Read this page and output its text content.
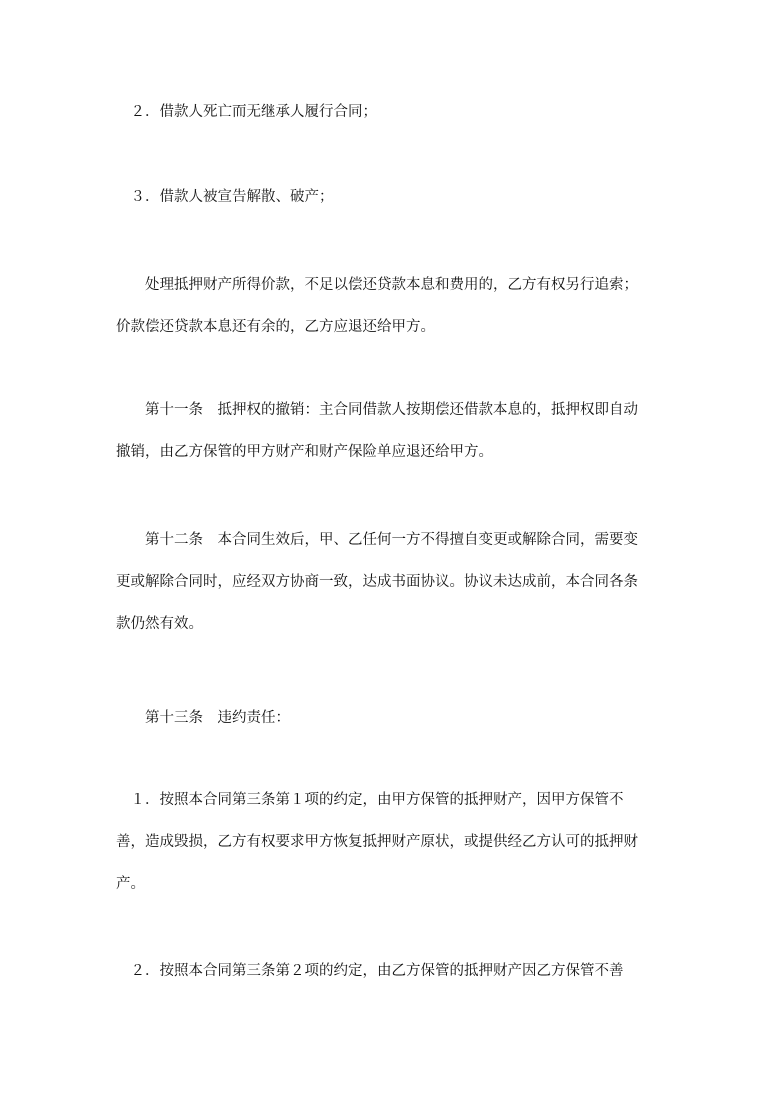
　２．借款人死亡而无继承人履行合同；

　３．借款人被宣告解散、破产；

　　处理抵押财产所得价款，不足以偿还贷款本息和费用的，乙方有权另行追索；
价款偿还贷款本息还有余的，乙方应退还给甲方。

　　第十一条　抵押权的撤销：主合同借款人按期偿还借款本息的，抵押权即自动
撤销，由乙方保管的甲方财产和财产保险单应退还给甲方。

　　第十二条　本合同生效后，甲、乙任何一方不得擅自变更或解除合同，需要变
更或解除合同时，应经双方协商一致，达成书面协议。协议未达成前，本合同各条
款仍然有效。

　　第十三条　违约责任：

　１．按照本合同第三条第１项的约定，由甲方保管的抵押财产，因甲方保管不
善，造成毁损，乙方有权要求甲方恢复抵押财产原状，或提供经乙方认可的抵押财
产。

　２．按照本合同第三条第２项的约定，由乙方保管的抵押财产因乙方保管不善
